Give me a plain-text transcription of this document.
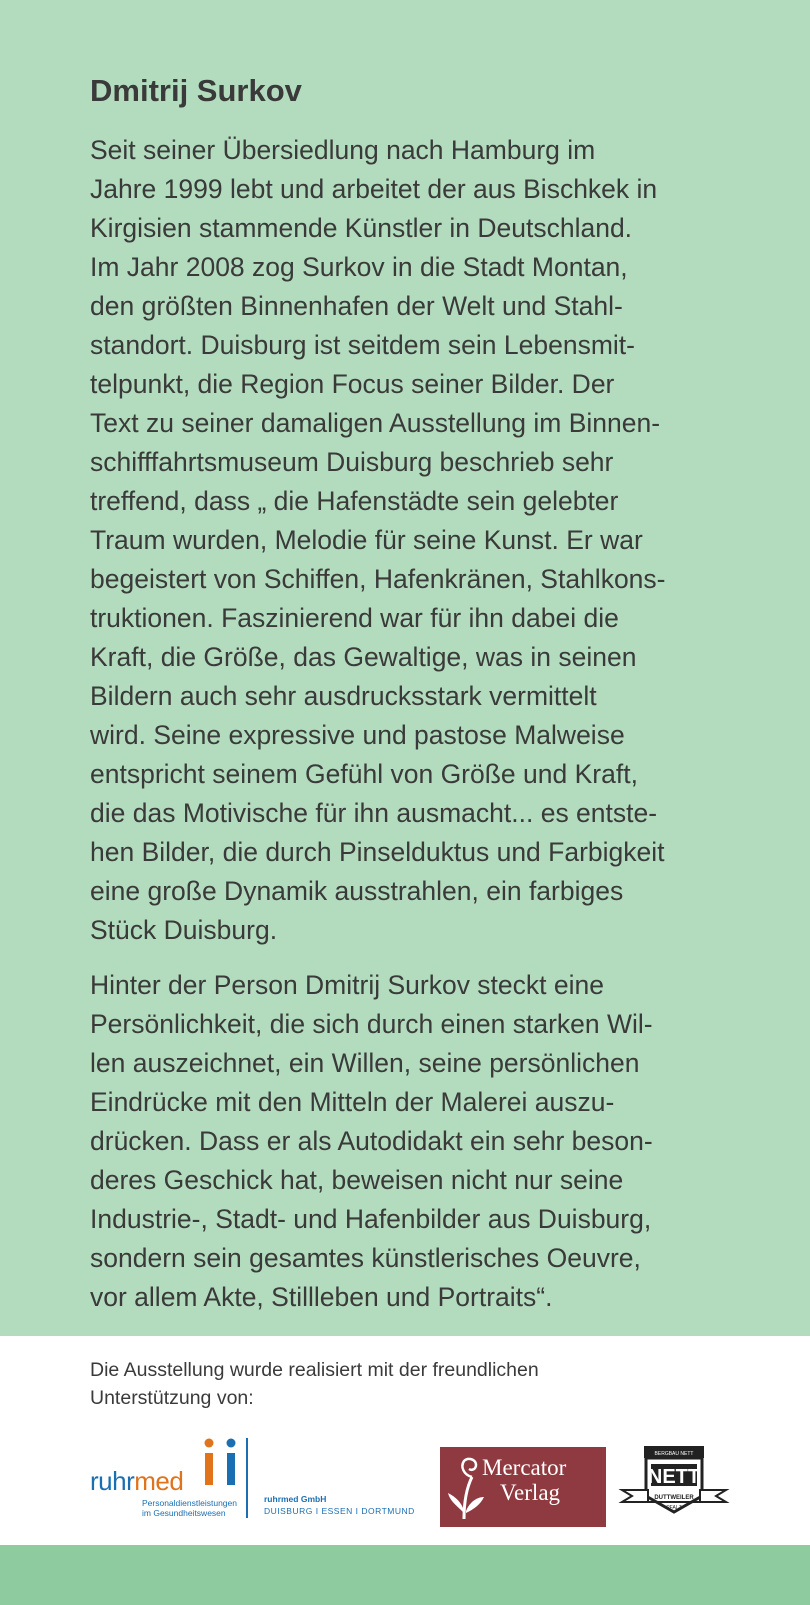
Dmitrij Surkov

Seit seiner Übersiedlung nach Hamburg im
Jahre 1999 lebt und arbeitet der aus Bischkek in
Kirgisien stammende Künstler in Deutschland.
Im Jahr 2008 zog Surkov in die Stadt Montan,
den größten Binnenhafen der Welt und Stahl-
standort. Duisburg ist seitdem sein Lebensmit-
telpunkt, die Region Focus seiner Bilder. Der
Text zu seiner damaligen Ausstellung im Binnen-
schifffahrtsmuseum Duisburg beschrieb sehr
treffend, dass „ die Hafenstädte sein gelebter
Traum wurden, Melodie für seine Kunst. Er war
begeistert von Schiffen, Hafenkränen, Stahlkons-
truktionen. Faszinierend war für ihn dabei die
Kraft, die Größe, das Gewaltige, was in seinen
Bildern auch sehr ausdrucksstark vermittelt
wird. Seine expressive und pastose Malweise
entspricht seinem Gefühl von Größe und Kraft,
die das Motivische für ihn ausmacht... es entste-
hen Bilder, die durch Pinselduktus und Farbigkeit
eine große Dynamik ausstrahlen, ein farbiges
Stück Duisburg.

Hinter der Person Dmitrij Surkov steckt eine
Persönlichkeit, die sich durch einen starken Wil-
len auszeichnet, ein Willen, seine persönlichen
Eindrücke mit den Mitteln der Malerei auszu-
drücken. Dass er als Autodidakt ein sehr beson-
deres Geschick hat, beweisen nicht nur seine
Industrie-, Stadt- und Hafenbilder aus Duisburg,
sondern sein gesamtes künstlerisches Oeuvre,
vor allem Akte, Stillleben und Portraits“.

Die Ausstellung wurde realisiert mit der freundlichen
Unterstützung von:

ruhrmed
Personaldienstleistungen
im Gesundheitswesen
ruhrmed GmbH
DUISBURG I ESSEN I DORTMUND
Mercator
Verlag
BERGBAU NETT
NETT
DUTTWEILER
PFALZ
